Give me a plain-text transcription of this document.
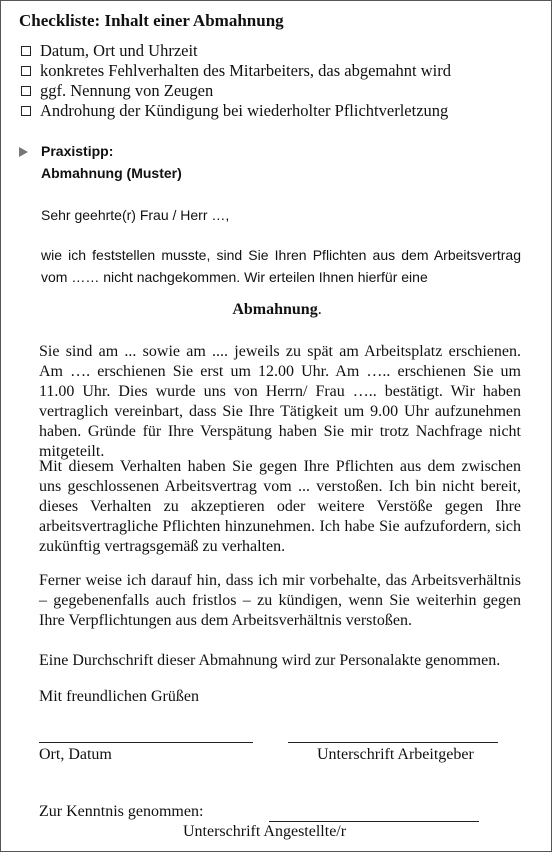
Checkliste: Inhalt einer Abmahnung
Datum, Ort und Uhrzeit
konkretes Fehlverhalten des Mitarbeiters, das abgemahnt wird
ggf. Nennung von Zeugen
Androhung der Kündigung bei wiederholter Pflichtverletzung
Praxistipp:
Abmahnung (Muster)
Sehr geehrte(r) Frau / Herr …,
wie ich feststellen musste, sind Sie Ihren Pflichten aus dem Arbeitsvertrag vom …… nicht nachgekommen. Wir erteilen Ihnen hierfür eine
Abmahnung.
Sie sind am ... sowie am .... jeweils zu spät am Arbeitsplatz erschienen. Am …. erschienen Sie erst um 12.00 Uhr. Am ….. erschienen Sie um 11.00 Uhr. Dies wurde uns von Herrn/ Frau ….. bestätigt. Wir haben vertraglich vereinbart, dass Sie Ihre Tätigkeit um 9.00 Uhr aufzunehmen haben. Gründe für Ihre Verspätung haben Sie mir trotz Nachfrage nicht mitgeteilt.
Mit diesem Verhalten haben Sie gegen Ihre Pflichten aus dem zwischen uns geschlossenen Arbeitsvertrag vom ... verstoßen. Ich bin nicht bereit, dieses Verhalten zu akzeptieren oder weitere Verstöße gegen Ihre arbeitsvertragliche Pflichten hinzunehmen. Ich habe Sie aufzufordern, sich zukünftig vertragsgemäß zu verhalten.
Ferner weise ich darauf hin, dass ich mir vorbehalte, das Arbeitsverhältnis – gegebenenfalls auch fristlos – zu kündigen, wenn Sie weiterhin gegen Ihre Verpflichtungen aus dem Arbeitsverhältnis verstoßen.
Eine Durchschrift dieser Abmahnung wird zur Personalakte genommen.
Mit freundlichen Grüßen
Ort, Datum	Unterschrift Arbeitgeber
Zur Kenntnis genommen:
Unterschrift Angestellte/r
